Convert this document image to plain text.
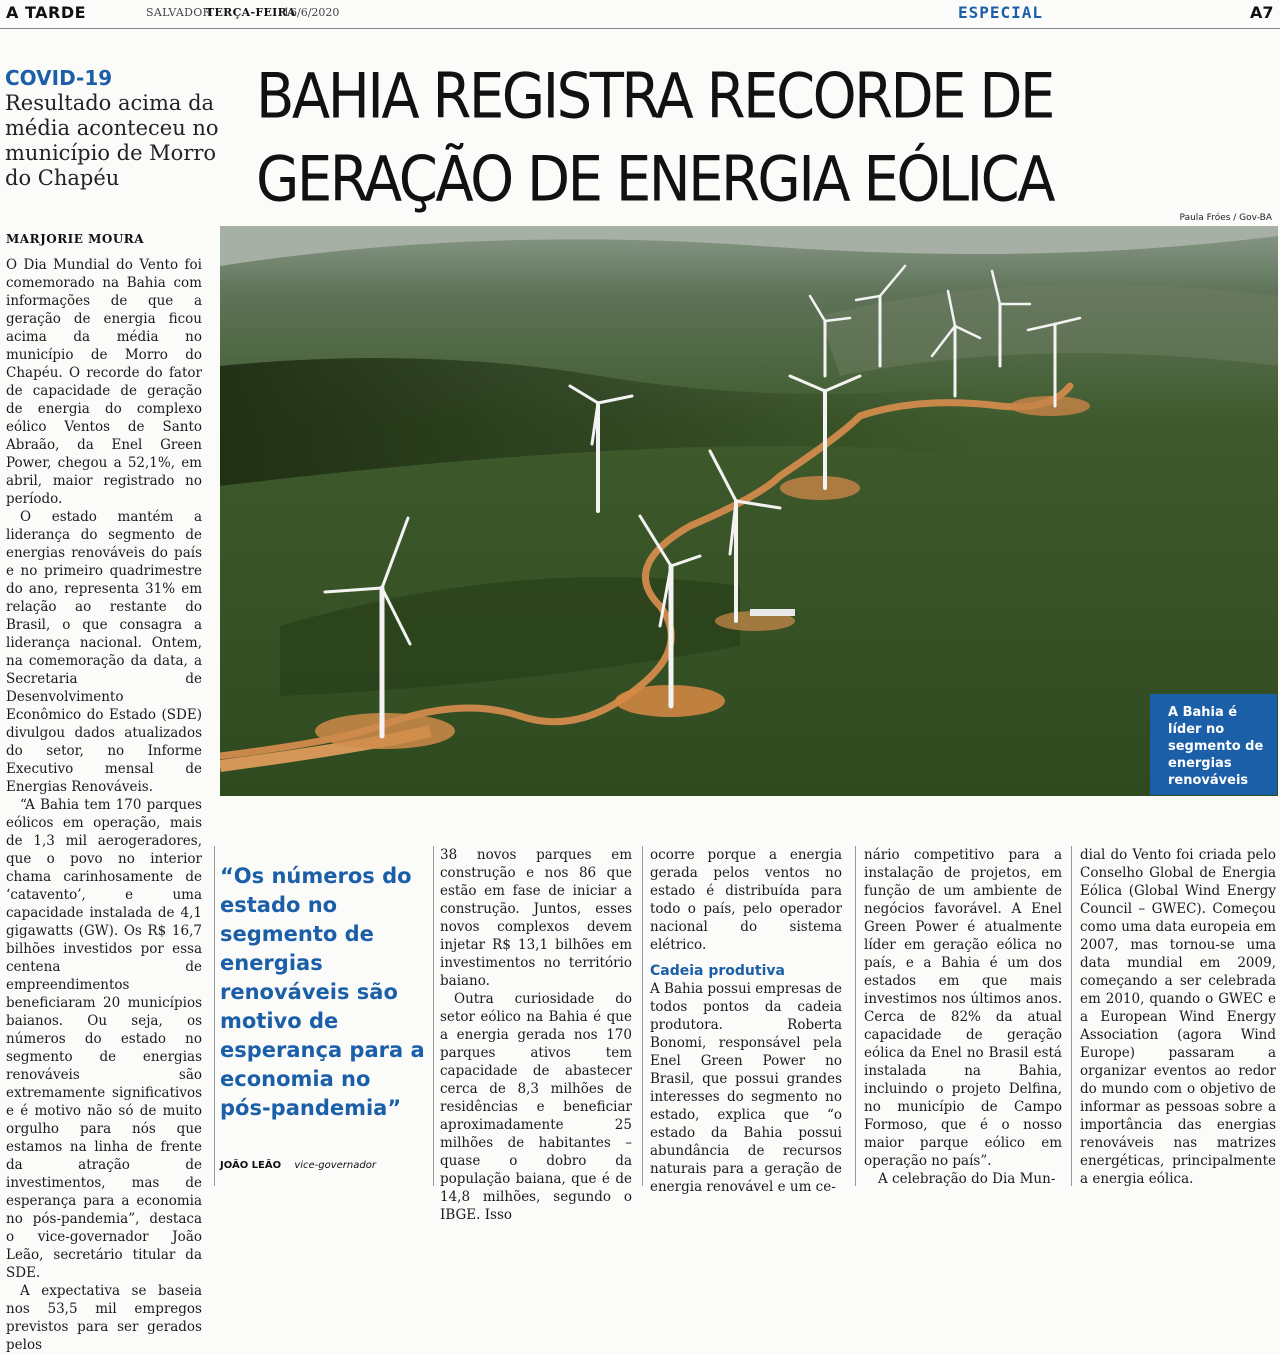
A TARDE	SALVADOR
TERÇA-FEIRA
16/6/2020	ESPECIAL	A7
COVID-19 Resultado acima da média aconteceu no município de Morro do Chapéu
BAHIA REGISTRA RECORDE DE GERAÇÃO DE ENERGIA EÓLICA
Paula Fróes / Gov-BA
A Bahia é líder no segmento de energias renováveis
MARJORIE MOURA

O Dia Mundial do Vento foi comemorado na Bahia com informações de que a geração de energia ficou acima da média no município de Morro do Chapéu. O recorde do fator de capacidade de geração de energia do complexo eólico Ventos de Santo Abraão, da Enel Green Power, chegou a 52,1%, em abril, maior registrado no período.

O estado mantém a liderança do segmento de energias renováveis do país e no primeiro quadrimestre do ano, representa 31% em relação ao restante do Brasil, o que consagra a liderança nacional. Ontem, na comemoração da data, a Secretaria de Desenvolvimento Econômico do Estado (SDE) divulgou dados atualizados do setor, no Informe Executivo mensal de Energias Renováveis.

“A Bahia tem 170 parques eólicos em operação, mais de 1,3 mil aerogeradores, que o povo no interior chama carinhosamente de ‘catavento’, e uma capacidade instalada de 4,1 gigawatts (GW). Os R$ 16,7 bilhões investidos por essa centena de empreendimentos beneficiaram 20 municípios baianos. Ou seja, os números do estado no segmento de energias renováveis são extremamente significativos e é motivo não só de muito orgulho para nós que estamos na linha de frente da atração de investimentos, mas de esperança para a economia no pós-pandemia”, destaca o vice-governador João Leão, secretário titular da SDE.

A expectativa se baseia nos 53,5 mil empregos previstos para ser gerados pelos

“Os números do estado no segmento de energias renováveis são motivo de esperança para a economia no pós-pandemia”
JOÃO LEÃO vice-governador

38 novos parques em construção e nos 86 que estão em fase de iniciar a construção. Juntos, esses novos complexos devem injetar R$ 13,1 bilhões em investimentos no território baiano.

Outra curiosidade do setor eólico na Bahia é que a energia gerada nos 170 parques ativos tem capacidade de abastecer cerca de 8,3 milhões de residências e beneficiar aproximadamente 25 milhões de habitantes – quase o dobro da população baiana, que é de 14,8 milhões, segundo o IBGE. Isso

ocorre porque a energia gerada pelos ventos no estado é distribuída para todo o país, pelo operador nacional do sistema elétrico.

Cadeia produtiva

A Bahia possui empresas de todos pontos da cadeia produtora. Roberta Bonomi, responsável pela Enel Green Power no Brasil, que possui grandes interesses do segmento no estado, explica que “o estado da Bahia possui abundância de recursos naturais para a geração de energia renovável e um ce-

nário competitivo para a instalação de projetos, em função de um ambiente de negócios favorável. A Enel Green Power é atualmente líder em geração eólica no país, e a Bahia é um dos estados em que mais investimos nos últimos anos. Cerca de 82% da atual capacidade de geração eólica da Enel no Brasil está instalada na Bahia, incluindo o projeto Delfina, no município de Campo Formoso, que é o nosso maior parque eólico em operação no país”.

A celebração do Dia Mun-

dial do Vento foi criada pelo Conselho Global de Energia Eólica (Global Wind Energy Council – GWEC). Começou como uma data europeia em 2007, mas tornou-se uma data mundial em 2009, começando a ser celebrada em 2010, quando o GWEC e a European Wind Energy Association (agora Wind Europe) passaram a organizar eventos ao redor do mundo com o objetivo de informar as pessoas sobre a importância das energias renováveis nas matrizes energéticas, principalmente a energia eólica.
